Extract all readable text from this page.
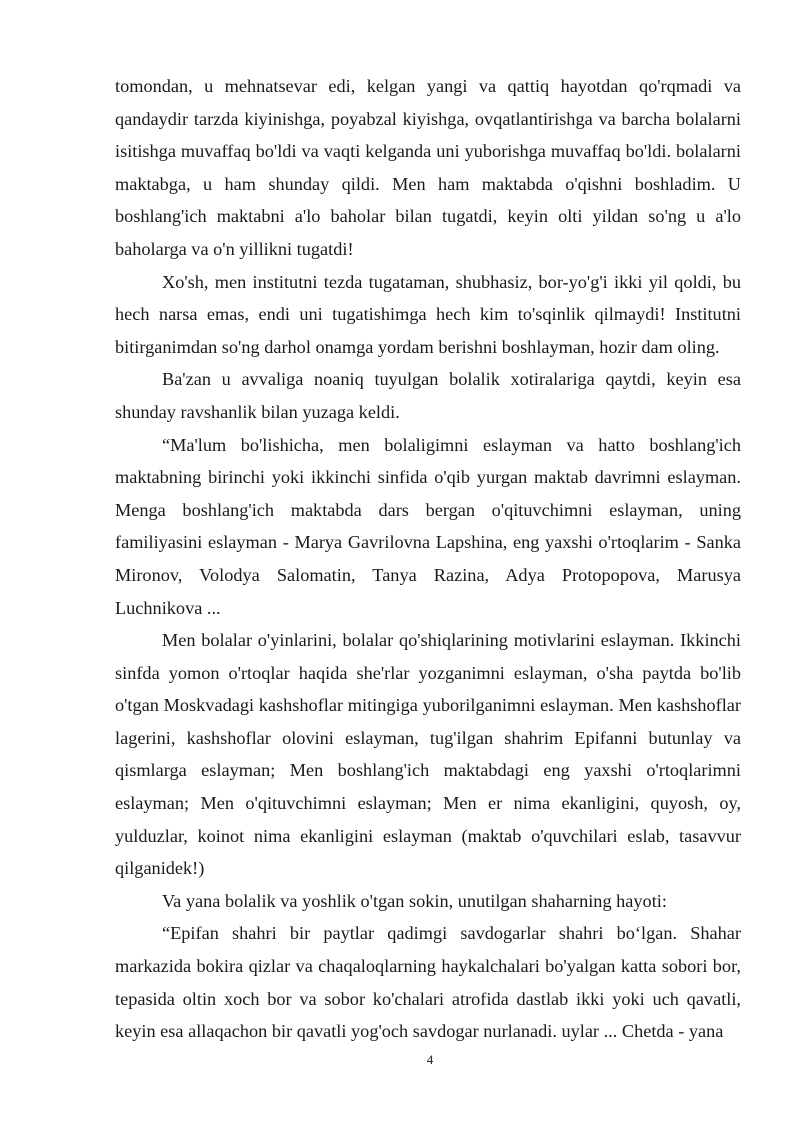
tomondan, u mehnatsevar edi, kelgan yangi va qattiq hayotdan qo'rqmadi va qandaydir tarzda kiyinishga, poyabzal kiyishga, ovqatlantirishga va barcha bolalarni isitishga muvaffaq bo'ldi va vaqti kelganda uni yuborishga muvaffaq bo'ldi. bolalarni maktabga, u ham shunday qildi. Men ham maktabda o'qishni boshladim. U boshlang'ich maktabni a'lo baholar bilan tugatdi, keyin olti yildan so'ng u a'lo baholarga va o'n yillikni tugatdi!

Xo'sh, men institutni tezda tugataman, shubhasiz, bor-yo'g'i ikki yil qoldi, bu hech narsa emas, endi uni tugatishimga hech kim to'sqinlik qilmaydi! Institutni bitirganimdan so'ng darhol onamga yordam berishni boshlayman, hozir dam oling.

Ba'zan u avvaliga noaniq tuyulgan bolalik xotiralariga qaytdi, keyin esa shunday ravshanlik bilan yuzaga keldi.

“Ma'lum bo'lishicha, men bolaligimni eslayman va hatto boshlang'ich maktabning birinchi yoki ikkinchi sinfida o'qib yurgan maktab davrimni eslayman. Menga boshlang'ich maktabda dars bergan o'qituvchimni eslayman, uning familiyasini eslayman - Marya Gavrilovna Lapshina, eng yaxshi o'rtoqlarim - Sanka Mironov, Volodya Salomatin, Tanya Razina, Adya Protopopova, Marusya Luchnikova ...

Men bolalar o'yinlarini, bolalar qo'shiqlarining motivlarini eslayman. Ikkinchi sinfda yomon o'rtoqlar haqida she'rlar yozganimni eslayman, o'sha paytda bo'lib o'tgan Moskvadagi kashshoflar mitingiga yuborilganimni eslayman. Men kashshoflar lagerini, kashshoflar olovini eslayman, tug'ilgan shahrim Epifanni butunlay va qismlarga eslayman; Men boshlang'ich maktabdagi eng yaxshi o'rtoqlarimni eslayman; Men o'qituvchimni eslayman; Men er nima ekanligini, quyosh, oy, yulduzlar, koinot nima ekanligini eslayman (maktab o'quvchilari eslab, tasavvur qilganidek!)

Va yana bolalik va yoshlik o'tgan sokin, unutilgan shaharning hayoti:

“Epifan shahri bir paytlar qadimgi savdogarlar shahri bo‘lgan. Shahar markazida bokira qizlar va chaqaloqlarning haykalchalari bo'yalgan katta sobori bor, tepasida oltin xoch bor va sobor ko'chalari atrofida dastlab ikki yoki uch qavatli, keyin esa allaqachon bir qavatli yog'och savdogar nurlanadi. uylar ... Chetda - yana

4
